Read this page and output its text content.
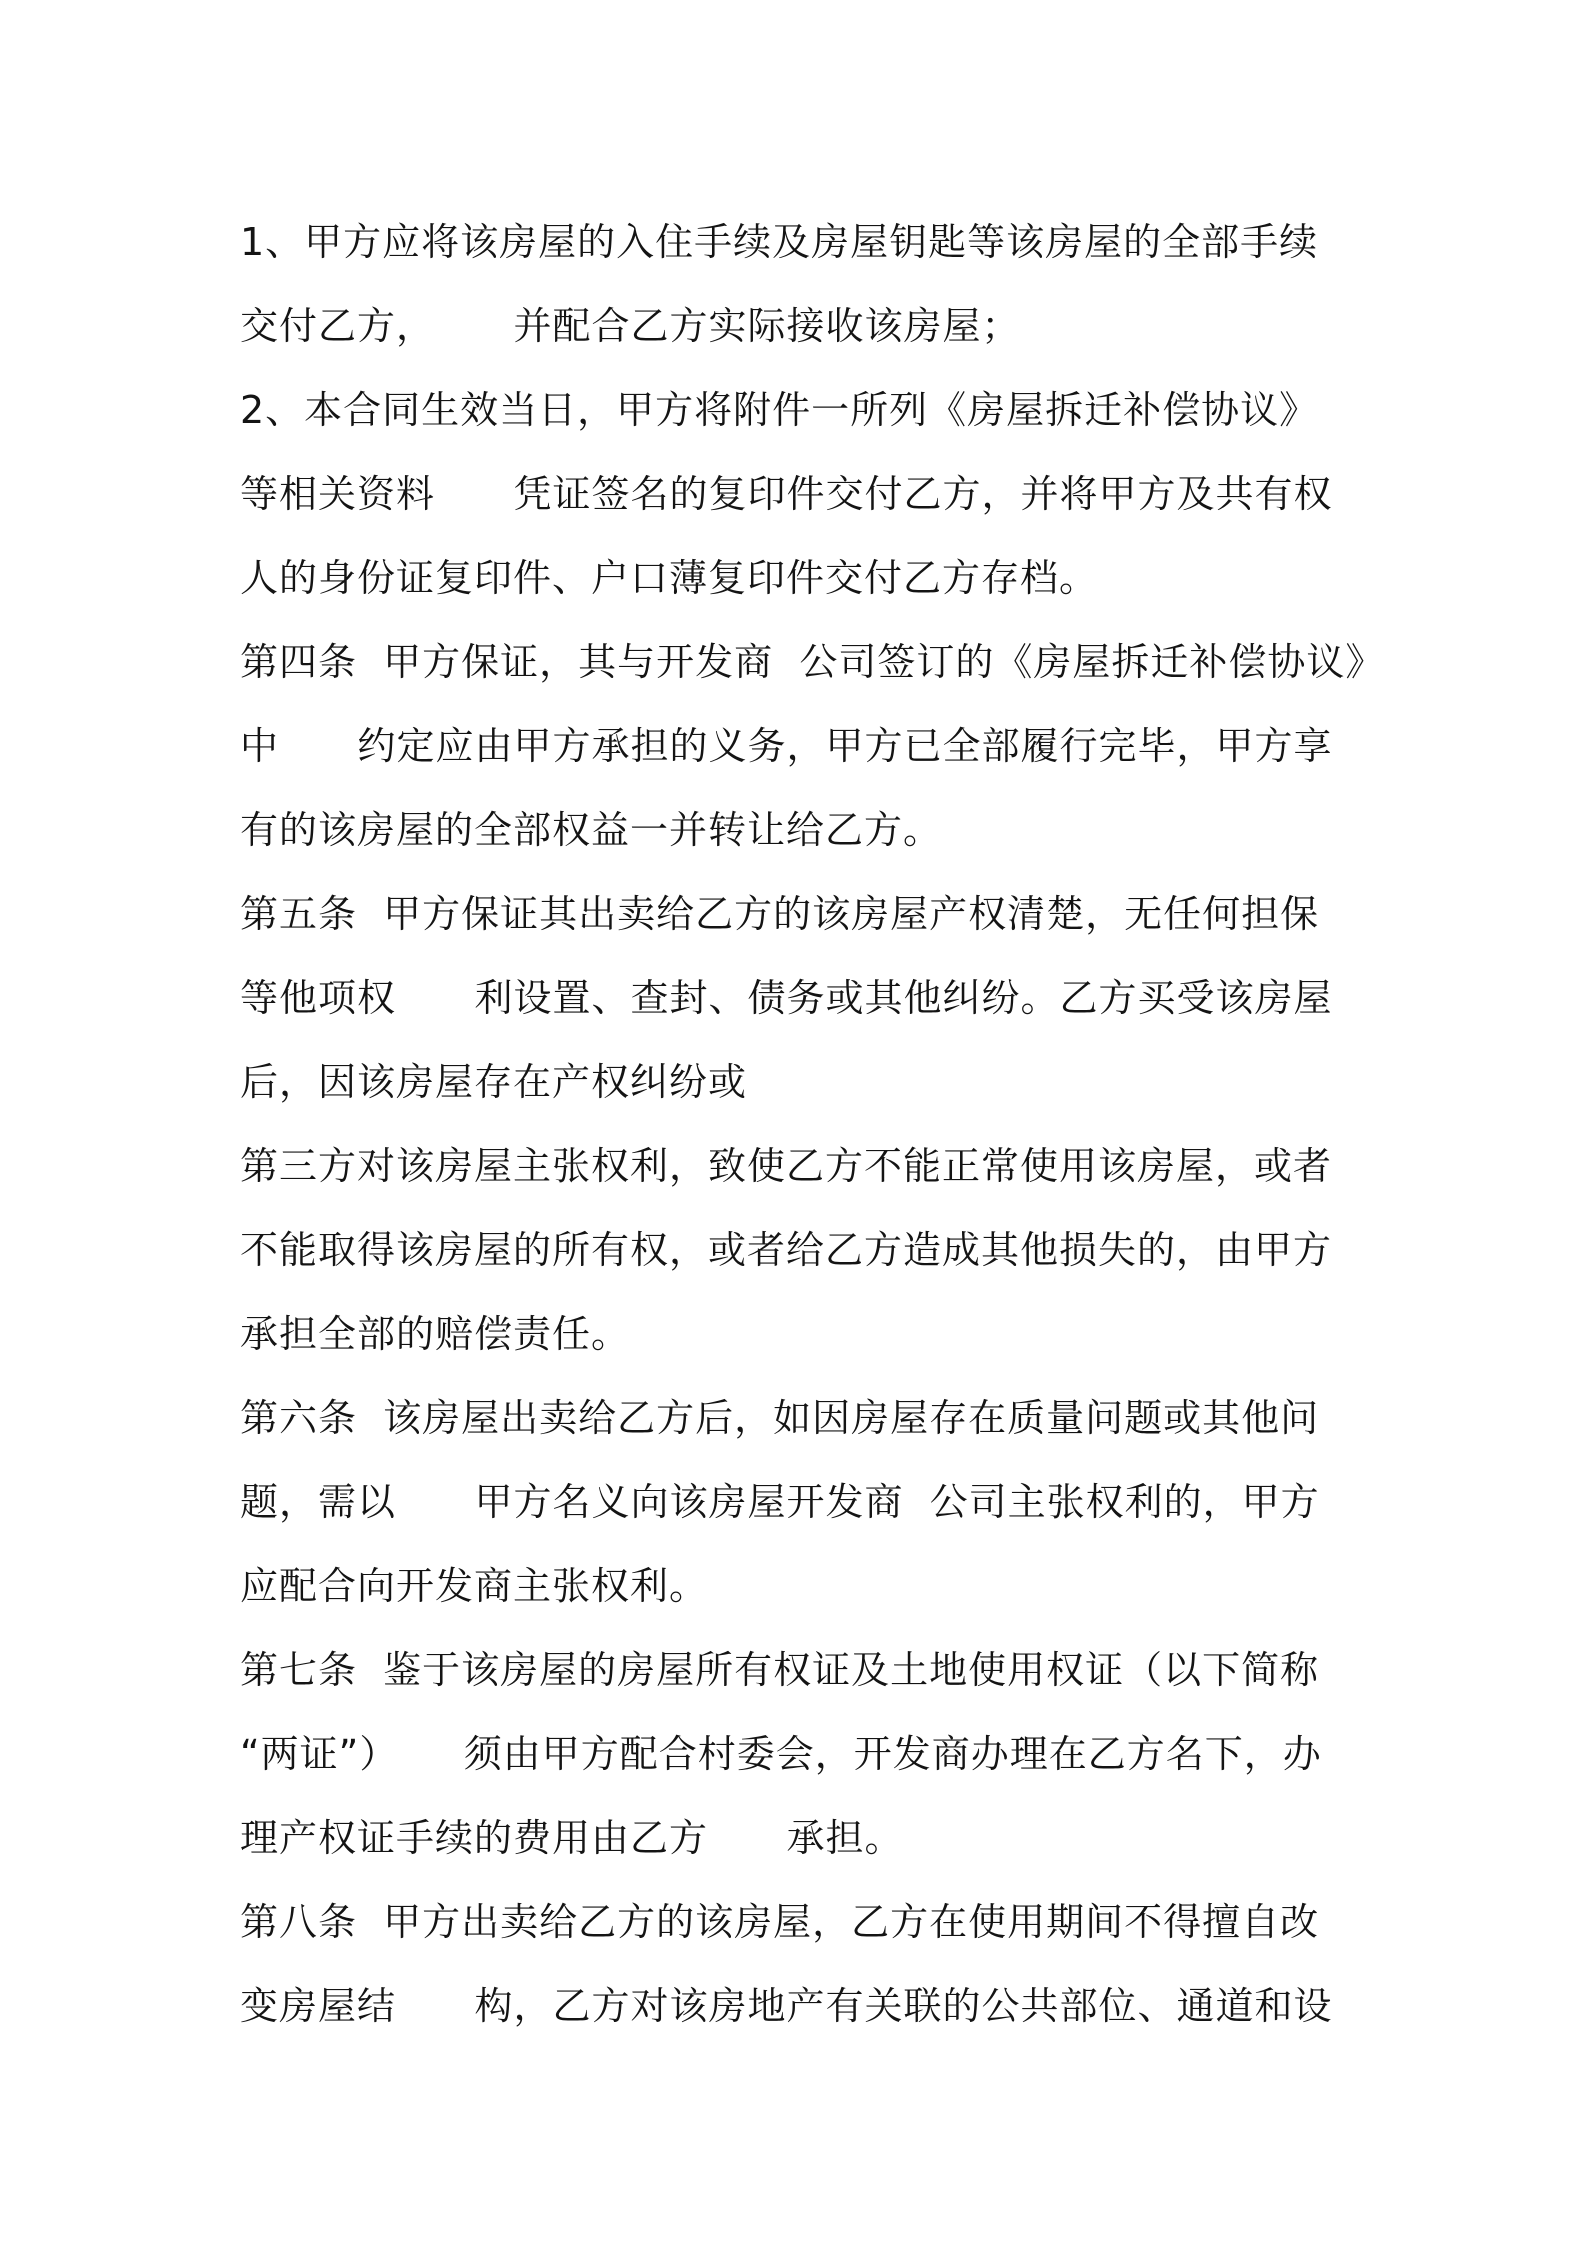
1、甲方应将该房屋的入住手续及房屋钥匙等该房屋的全部手续
交付乙方，      并配合乙方实际接收该房屋；
2、本合同生效当日，甲方将附件一所列《房屋拆迁补偿协议》
等相关资料      凭证签名的复印件交付乙方，并将甲方及共有权
人的身份证复印件、户口薄复印件交付乙方存档。
第四条  甲方保证，其与开发商  公司签订的《房屋拆迁补偿协议》
中      约定应由甲方承担的义务，甲方已全部履行完毕，甲方享
有的该房屋的全部权益一并转让给乙方。
第五条  甲方保证其出卖给乙方的该房屋产权清楚，无任何担保
等他项权      利设置、查封、债务或其他纠纷。乙方买受该房屋
后，因该房屋存在产权纠纷或
第三方对该房屋主张权利，致使乙方不能正常使用该房屋，或者
不能取得该房屋的所有权，或者给乙方造成其他损失的，由甲方
承担全部的赔偿责任。
第六条  该房屋出卖给乙方后，如因房屋存在质量问题或其他问
题，需以      甲方名义向该房屋开发商  公司主张权利的，甲方
应配合向开发商主张权利。
第七条  鉴于该房屋的房屋所有权证及土地使用权证（以下简称
“两证”）     须由甲方配合村委会，开发商办理在乙方名下，办
理产权证手续的费用由乙方      承担。
第八条  甲方出卖给乙方的该房屋，乙方在使用期间不得擅自改
变房屋结      构，乙方对该房地产有关联的公共部位、通道和设
